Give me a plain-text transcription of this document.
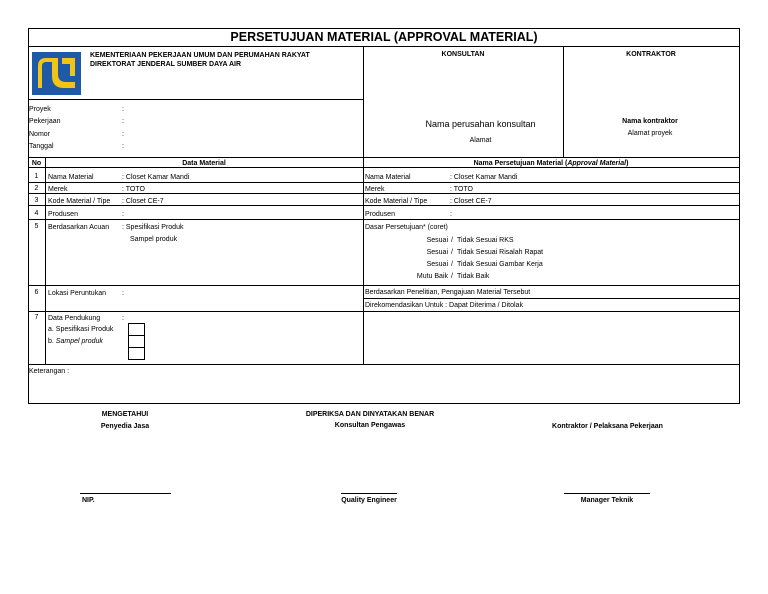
PERSETUJUAN MATERIAL (APPROVAL MATERIAL)
KEMENTERIAAN PEKERJAAN UMUM DAN PERUMAHAN RAKYAT
DIREKTORAT JENDERAL SUMBER DAYA AIR
KONSULTAN	KONTRAKTOR
Nama perusahan konsultan
Alamat
Nama kontraktor
Alamat proyek
Proyek	:
Pekerjaan	:
Nomor	:
Tanggal	:
No	Data Material	Nama Persetujuan Material (Approval Material)
1	Nama Material	: Closet Kamar Mandi	Nama Material	: Closet Kamar Mandi
2	Merek	: TOTO	Merek	: TOTO
3	Kode Material / Tipe : Closet CE-7	Kode Material / Tipe	: Closet CE-7
4	Produsen	:	Produsen	:
5	Berdasarkan Acuan : Spesifikasi Produk
Sampel produk
Dasar Persetujuan* (coret)
Sesuai / Tidak Sesuai RKS
Sesuai / Tidak Sesuai Risalah Rapat
Sesuai / Tidak Sesuai Gambar Kerja
Mutu Baik / Tidak Baik
6	Lokasi Peruntukan :	Berdasarkan Penelitian, Pengajuan Material Tersebut
Direkomendasikan Untuk : Dapat Diterima / Ditolak
7	Data Pendukung	:
a. Spesifikasi Produk
b. Sampel produk
Keterangan :
MENGETAHUI
Penyedia Jasa
NIP.
DIPERIKSA DAN DINYATAKAN BENAR
Konsultan Pengawas
Quality Engineer
Kontraktor / Pelaksana Pekerjaan
Manager Teknik
